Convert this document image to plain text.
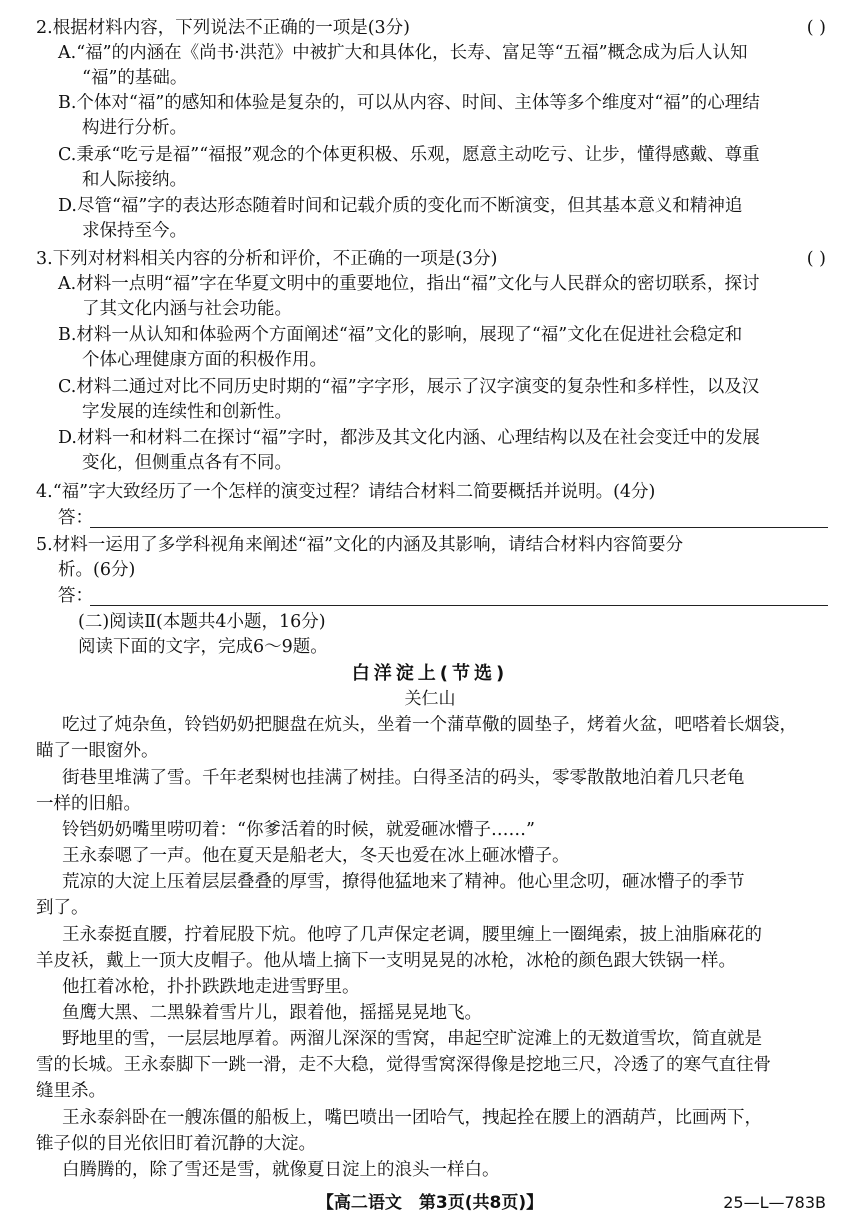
2.根据材料内容，下列说法不正确的一项是(3分)	( )
A.“福”的内涵在《尚书·洪范》中被扩大和具体化，长寿、富足等“五福”概念成为后人认知
“福”的基础。
B.个体对“福”的感知和体验是复杂的，可以从内容、时间、主体等多个维度对“福”的心理结
构进行分析。
C.秉承“吃亏是福”“福报”观念的个体更积极、乐观，愿意主动吃亏、让步，懂得感戴、尊重
和人际接纳。
D.尽管“福”字的表达形态随着时间和记载介质的变化而不断演变，但其基本意义和精神追
求保持至今。
3.下列对材料相关内容的分析和评价，不正确的一项是(3分)	( )
A.材料一点明“福”字在华夏文明中的重要地位，指出“福”文化与人民群众的密切联系，探讨
了其文化内涵与社会功能。
B.材料一从认知和体验两个方面阐述“福”文化的影响，展现了“福”文化在促进社会稳定和
个体心理健康方面的积极作用。
C.材料二通过对比不同历史时期的“福”字字形，展示了汉字演变的复杂性和多样性，以及汉
字发展的连续性和创新性。
D.材料一和材料二在探讨“福”字时，都涉及其文化内涵、心理结构以及在社会变迁中的发展
变化，但侧重点各有不同。
4.“福”字大致经历了一个怎样的演变过程？请结合材料二简要概括并说明。(4分)
答：
5.材料一运用了多学科视角来阐述“福”文化的内涵及其影响，请结合材料内容简要分
析。(6分)
答：
(二)阅读Ⅱ(本题共4小题，16分)
阅读下面的文字，完成6～9题。
白洋淀上(节选)
关仁山
吃过了炖杂鱼，铃铛奶奶把腿盘在炕头，坐着一个蒲草儆的圆垫子，烤着火盆，吧嗒着长烟袋，
瞄了一眼窗外。
街巷里堆满了雪。千年老梨树也挂满了树挂。白得圣洁的码头，零零散散地泊着几只老龟
一样的旧船。
铃铛奶奶嘴里唠叨着：“你爹活着的时候，就爱砸冰懵子……”
王永泰嗯了一声。他在夏天是船老大，冬天也爱在冰上砸冰懵子。
荒凉的大淀上压着层层叠叠的厚雪，撩得他猛地来了精神。他心里念叨，砸冰懵子的季节
到了。
王永泰挺直腰，拧着屁股下炕。他哼了几声保定老调，腰里缠上一圈绳索，披上油脂麻花的
羊皮袄，戴上一顶大皮帽子。他从墙上摘下一支明晃晃的冰枪，冰枪的颜色跟大铁锅一样。
他扛着冰枪，扑扑跌跌地走进雪野里。
鱼鹰大黑、二黑躲着雪片儿，跟着他，摇摇晃晃地飞。
野地里的雪，一层层地厚着。两溜儿深深的雪窝，串起空旷淀滩上的无数道雪坎，简直就是
雪的长城。王永泰脚下一跳一滑，走不大稳，觉得雪窝深得像是挖地三尺，冷透了的寒气直往骨
缝里杀。
王永泰斜卧在一艘冻僵的船板上，嘴巴喷出一团哈气，拽起拴在腰上的酒葫芦，比画两下，
锥子似的目光依旧盯着沉静的大淀。
白腾腾的，除了雪还是雪，就像夏日淀上的浪头一样白。
【高二语文　第3页(共8页)】	25—L—783B
